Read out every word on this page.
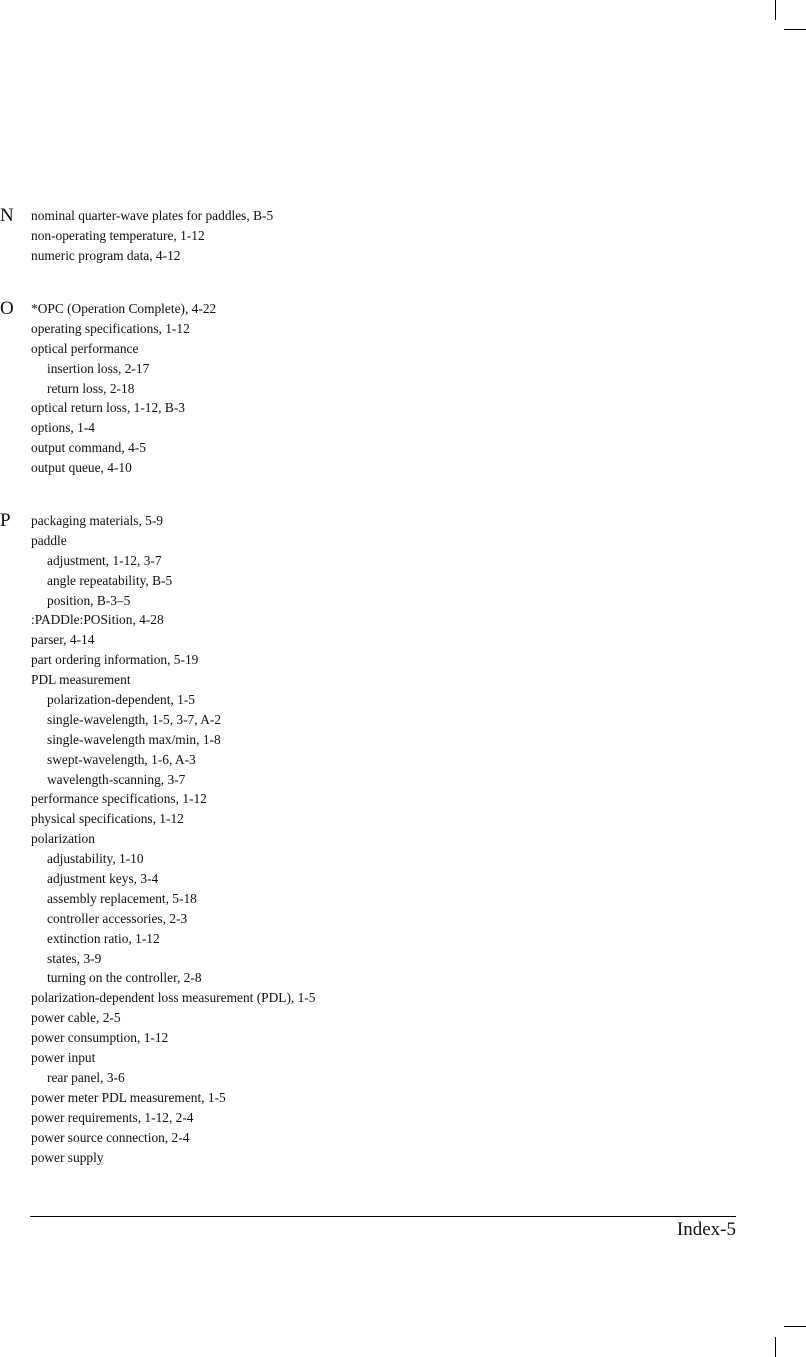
N nominal quarter-wave plates for paddles, B-5
non-operating temperature, 1-12
numeric program data, 4-12
O *OPC (Operation Complete), 4-22
operating specifications, 1-12
optical performance
insertion loss, 2-17
return loss, 2-18
optical return loss, 1-12, B-3
options, 1-4
output command, 4-5
output queue, 4-10
P packaging materials, 5-9
paddle
adjustment, 1-12, 3-7
angle repeatability, B-5
position, B-3–5
:PADDle:POSition, 4-28
parser, 4-14
part ordering information, 5-19
PDL measurement
polarization-dependent, 1-5
single-wavelength, 1-5, 3-7, A-2
single-wavelength max/min, 1-8
swept-wavelength, 1-6, A-3
wavelength-scanning, 3-7
performance specifications, 1-12
physical specifications, 1-12
polarization
adjustability, 1-10
adjustment keys, 3-4
assembly replacement, 5-18
controller accessories, 2-3
extinction ratio, 1-12
states, 3-9
turning on the controller, 2-8
polarization-dependent loss measurement (PDL), 1-5
power cable, 2-5
power consumption, 1-12
power input
rear panel, 3-6
power meter PDL measurement, 1-5
power requirements, 1-12, 2-4
power source connection, 2-4
power supply
Index-5
